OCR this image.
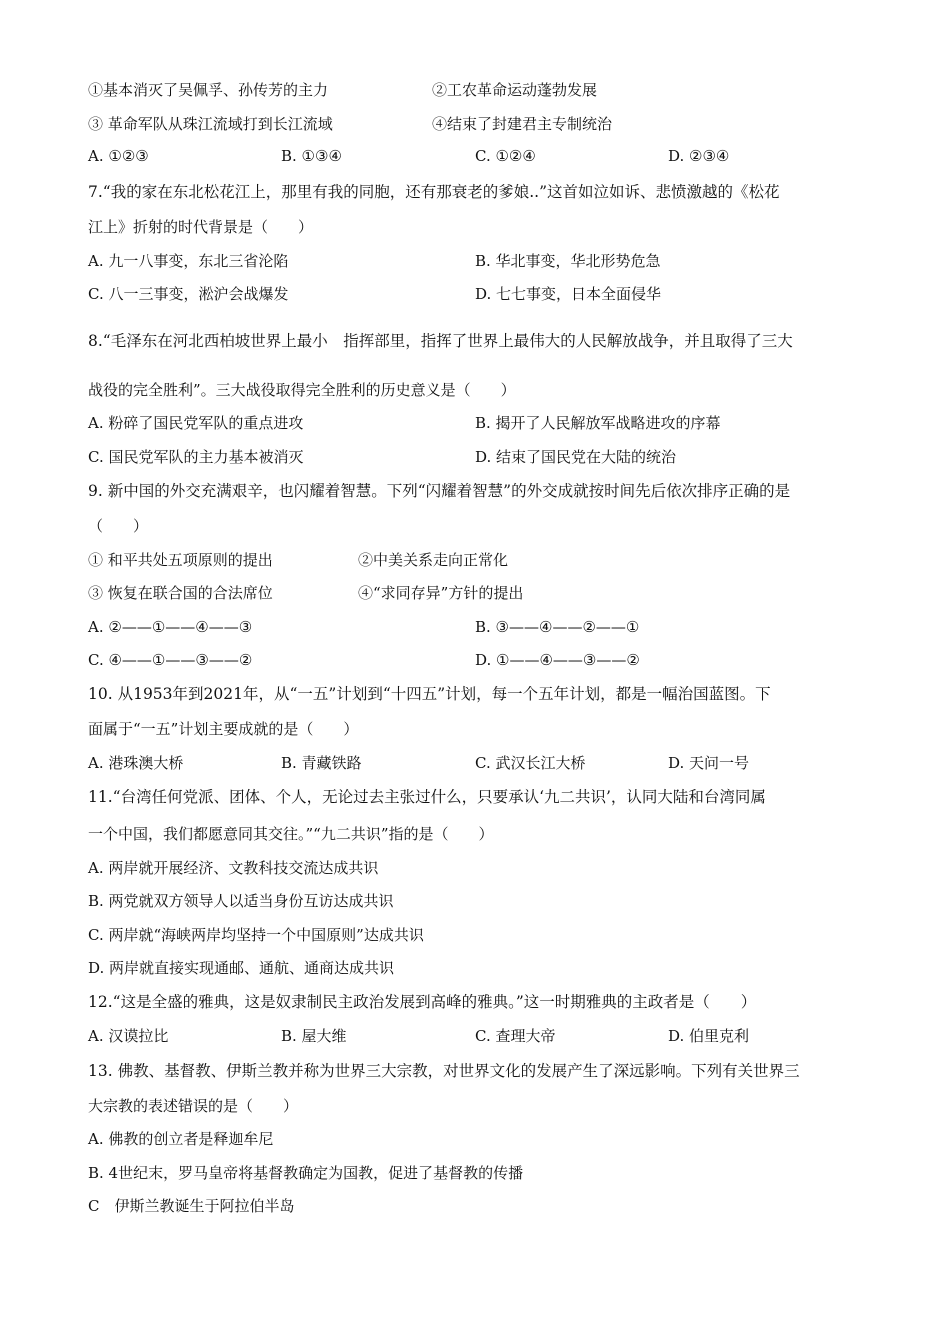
①基本消灭了吴佩孚、孙传芳的主力	②工农革命运动蓬勃发展
③ 革命军队从珠江流域打到长江流域	④结束了封建君主专制统治
A. ①②③	B. ①③④	C. ①②④	D. ②③④
7.“我的家在东北松花江上，那里有我的同胞，还有那衰老的爹娘..”这首如泣如诉、悲愤激越的《松花
江上》折射的时代背景是（　　）
A. 九一八事变，东北三省沦陷	B. 华北事变，华北形势危急
C. 八一三事变，淞沪会战爆发	D. 七七事变，日本全面侵华
8.“毛泽东在河北西柏坡世界上最小　指挥部里，指挥了世界上最伟大的人民解放战争，并且取得了三大
战役的完全胜利”。三大战役取得完全胜利的历史意义是（　　）
A. 粉碎了国民党军队的重点进攻	B. 揭开了人民解放军战略进攻的序幕
C. 国民党军队的主力基本被消灭	D. 结束了国民党在大陆的统治
9. 新中国的外交充满艰辛，也闪耀着智慧。下列“闪耀着智慧”的外交成就按时间先后依次排序正确的是
（　　）
① 和平共处五项原则的提出	②中美关系走向正常化
③ 恢复在联合国的合法席位	④“求同存异”方针的提出
A. ②——①——④——③	B. ③——④——②——①
C. ④——①——③——②	D. ①——④——③——②
10. 从1953年到2021年，从“一五”计划到“十四五”计划，每一个五年计划，都是一幅治国蓝图。下
面属于“一五”计划主要成就的是（　　）
A. 港珠澳大桥	B. 青藏铁路	C. 武汉长江大桥	D. 天问一号
11.“台湾任何党派、团体、个人，无论过去主张过什么，只要承认‘九二共识’，认同大陆和台湾同属
一个中国，我们都愿意同其交往。”“九二共识”指的是（　　）
A. 两岸就开展经济、文教科技交流达成共识
B. 两党就双方领导人以适当身份互访达成共识
C. 两岸就“海峡两岸均坚持一个中国原则”达成共识
D. 两岸就直接实现通邮、通航、通商达成共识
12.“这是全盛的雅典，这是奴隶制民主政治发展到高峰的雅典。”这一时期雅典的主政者是（　　）
A. 汉谟拉比	B. 屋大维	C. 查理大帝	D. 伯里克利
13. 佛教、基督教、伊斯兰教并称为世界三大宗教，对世界文化的发展产生了深远影响。下列有关世界三
大宗教的表述错误的是（　　）
A. 佛教的创立者是释迦牟尼
B. 4世纪末，罗马皇帝将基督教确定为国教，促进了基督教的传播
C　伊斯兰教诞生于阿拉伯半岛
